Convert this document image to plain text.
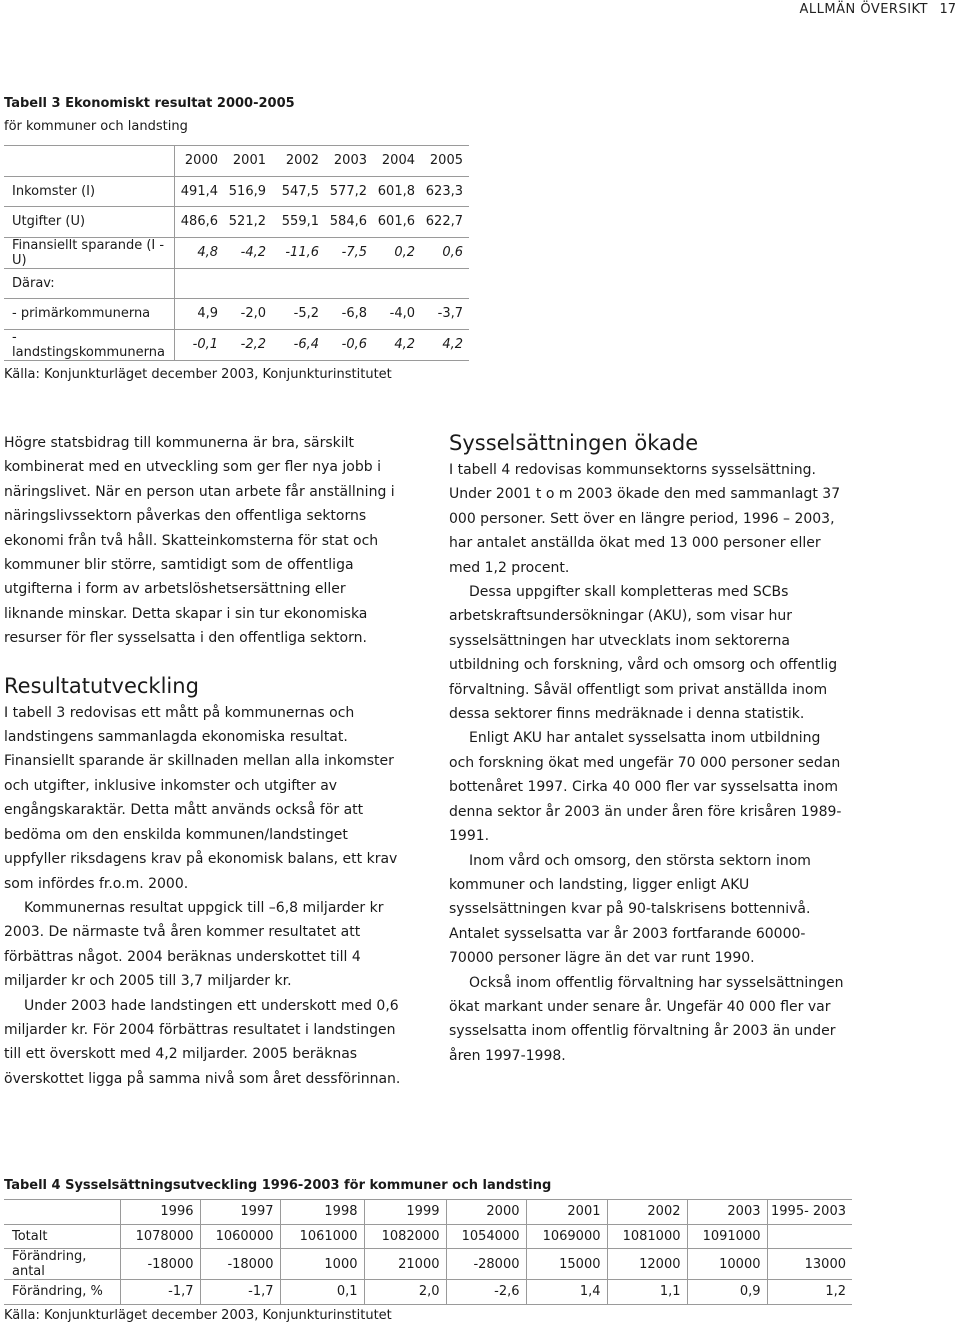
ALLMÄN ÖVERSIKT 17

Tabell 3 Ekonomiskt resultat 2000-2005

för kommuner och landsting

	2000	2001	2002	2003	2004	2005
Inkomster (I)	491,4	516,9	547,5	577,2	601,8	623,3
Utgifter (U)	486,6	521,2	559,1	584,6	601,6	622,7
Finansiellt sparande (I - U)	4,8	-4,2	-11,6	-7,5	0,2	0,6
Därav:						
- primärkommunerna	4,9	-2,0	-5,2	-6,8	-4,0	-3,7
- landstingskommunerna	-0,1	-2,2	-6,4	-0,6	4,2	4,2
Källa: Konjunkturläget december 2003, Konjunkturinstitutet

Högre statsbidrag till kommunerna är bra, särskilt kombinerat med en utveckling som ger fler nya jobb i näringslivet. När en person utan arbete får anställning i näringslivssektorn påverkas den offentliga sektorns ekonomi från två håll. Skatteinkomsterna för stat och kommuner blir större, samtidigt som de offentliga utgifterna i form av arbetslöshetsersättning eller liknande minskar. Detta skapar i sin tur ekonomiska resurser för fler sysselsatta i den offentliga sektorn.

Resultatutveckling

I tabell 3 redovisas ett mått på kommunernas och landstingens sammanlagda ekonomiska resultat. Finansiellt sparande är skillnaden mellan alla inkomster och utgifter, inklusive inkomster och utgifter av engångskaraktär. Detta mått används också för att bedöma om den enskilda kommunen/landstinget uppfyller riksdagens krav på ekonomisk balans, ett krav som infördes fr.o.m. 2000.

Kommunernas resultat uppgick till –6,8 miljarder kr 2003. De närmaste två åren kommer resultatet att förbättras något. 2004 beräknas underskottet till 4 miljarder kr och 2005 till 3,7 miljarder kr.

Under 2003 hade landstingen ett underskott med 0,6 miljarder kr. För 2004 förbättras resultatet i landstingen till ett överskott med 4,2 miljarder. 2005 beräknas överskottet ligga på samma nivå som året dessförinnan.

Sysselsättningen ökade

I tabell 4 redovisas kommunsektorns sysselsättning. Under 2001 t o m 2003 ökade den med sammanlagt 37 000 personer. Sett över en längre period, 1996 – 2003, har antalet anställda ökat med 13 000 personer eller med 1,2 procent.

Dessa uppgifter skall kompletteras med SCBs arbetskraftsundersökningar (AKU), som visar hur sysselsättningen har utvecklats inom sektorerna utbildning och forskning, vård och omsorg och offentlig förvaltning. Såväl offentligt som privat anställda inom dessa sektorer finns medräknade i denna statistik.

Enligt AKU har antalet sysselsatta inom utbildning och forskning ökat med ungefär 70 000 personer sedan bottenåret 1997. Cirka 40 000 fler var sysselsatta inom denna sektor år 2003 än under åren före krisåren 1989-1991.

Inom vård och omsorg, den största sektorn inom kommuner och landsting, ligger enligt AKU sysselsättningen kvar på 90-talskrisens bottennivå. Antalet sysselsatta var år 2003 fortfarande 60000-70000 personer lägre än det var runt 1990.

Också inom offentlig förvaltning har sysselsättningen ökat markant under senare år. Ungefär 40 000 fler var sysselsatta inom offentlig förvaltning år 2003 än under åren 1997-1998.

Tabell 4 Sysselsättningsutveckling 1996-2003 för kommuner och landsting

	1996	1997	1998	1999	2000	2001	2002	2003	1995- 2003
Totalt	1078000	1060000	1061000	1082000	1054000	1069000	1081000	1091000	
Förändring, antal	-18000	-18000	1000	21000	-28000	15000	12000	10000	13000
Förändring, %	-1,7	-1,7	0,1	2,0	-2,6	1,4	1,1	0,9	1,2
Källa: Konjunkturläget december 2003, Konjunkturinstitutet
